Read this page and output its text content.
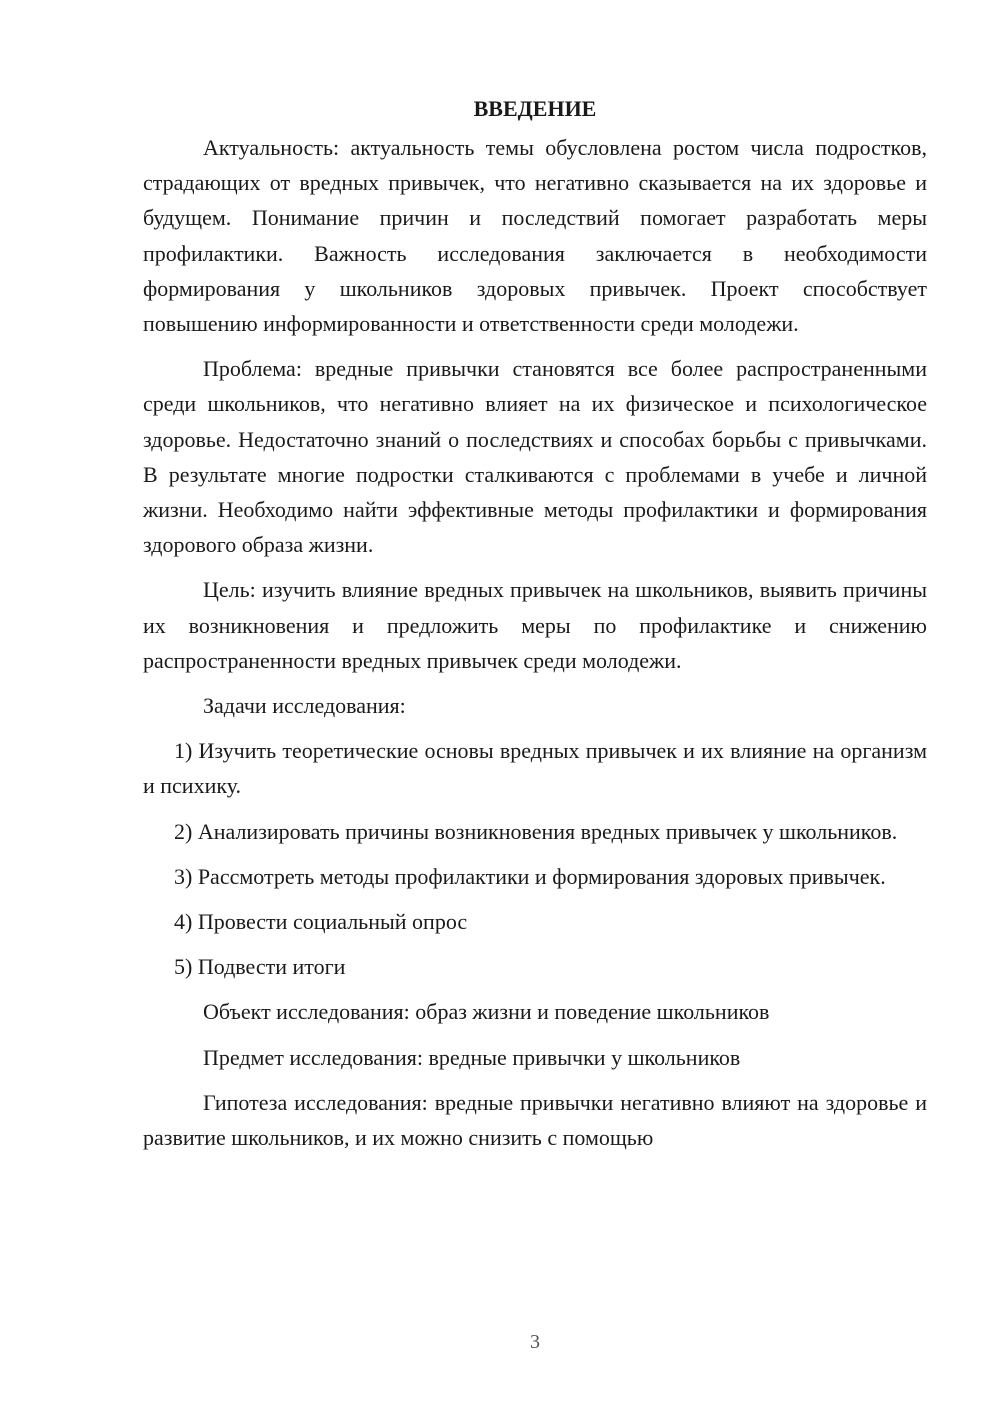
ВВЕДЕНИЕ

Актуальность: актуальность темы обусловлена ростом числа подростков, страдающих от вредных привычек, что негативно сказывается на их здоровье и будущем. Понимание причин и последствий помогает разработать меры профилактики. Важность исследования заключается в необходимости формирования у школьников здоровых привычек. Проект способствует повышению информированности и ответственности среди молодежи.

Проблема: вредные привычки становятся все более распространенными среди школьников, что негативно влияет на их физическое и психологическое здоровье. Недостаточно знаний о последствиях и способах борьбы с привычками. В результате многие подростки сталкиваются с проблемами в учебе и личной жизни. Необходимо найти эффективные методы профилактики и формирования здорового образа жизни.

Цель: изучить влияние вредных привычек на школьников, выявить причины их возникновения и предложить меры по профилактике и снижению распространенности вредных привычек среди молодежи.

Задачи исследования:

1) Изучить теоретические основы вредных привычек и их влияние на организм и психику.

2) Анализировать причины возникновения вредных привычек у школьников.

3) Рассмотреть методы профилактики и формирования здоровых привычек.

4) Провести социальный опрос

5) Подвести итоги

Объект исследования: образ жизни и поведение школьников

Предмет исследования: вредные привычки у школьников

Гипотеза исследования: вредные привычки негативно влияют на здоровье и развитие школьников, и их можно снизить с помощью

3
